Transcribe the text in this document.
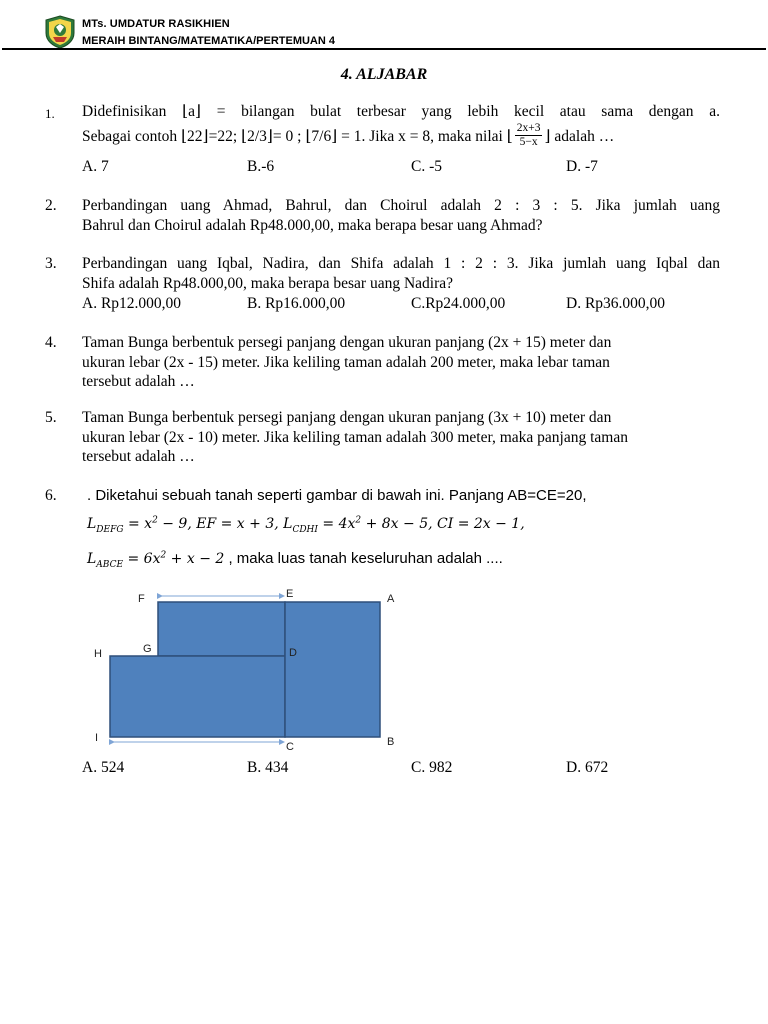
MTs. UMDATUR RASIKHIEN
MERAIH BINTANG/MATEMATIKA/PERTEMUAN 4
4. ALJABAR
1. Didefinisikan ⌊a⌋ = bilangan bulat terbesar yang lebih kecil atau sama dengan a.
Sebagai contoh ⌊22⌋=22; ⌊2/3⌋= 0 ; ⌊7/6⌋ = 1. Jika x = 8, maka nilai ⌊ $\frac{2x+3}{5-x}$ ⌋ adalah …
A. 7	B.-6	C. -5	D. -7
2. Perbandingan uang Ahmad, Bahrul, dan Choirul adalah 2 : 3 : 5. Jika jumlah uang
Bahrul dan Choirul adalah Rp48.000,00, maka berapa besar uang Ahmad?
3. Perbandingan uang Iqbal, Nadira, dan Shifa adalah 1 : 2 : 3. Jika jumlah uang Iqbal dan
Shifa adalah Rp48.000,00, maka berapa besar uang Nadira?
A. Rp12.000,00	B. Rp16.000,00	C.Rp24.000,00	D. Rp36.000,00
4. Taman Bunga berbentuk persegi panjang dengan ukuran panjang (2x + 15) meter dan
ukuran lebar (2x - 15) meter. Jika keliling taman adalah 200 meter, maka lebar taman
tersebut adalah …
5. Taman Bunga berbentuk persegi panjang dengan ukuran panjang (3x + 10) meter dan
ukuran lebar (2x - 10) meter. Jika keliling taman adalah 300 meter, maka panjang taman
tersebut adalah …
6. . Diketahui sebuah tanah seperti gambar di bawah ini. Panjang AB=CE=20,
$L_{DEFG} = x^2 - 9$, EF = x + 3, $L_{CDHI} = 4x^2 + 8x - 5$, CI = 2x − 1,
$L_{ABCE} = 6x^2 + x - 2$ , maka luas tanah keseluruhan adalah ....
F	E	A
H	G	D
I
C	B
A. 524	B. 434	C. 982	D. 672
